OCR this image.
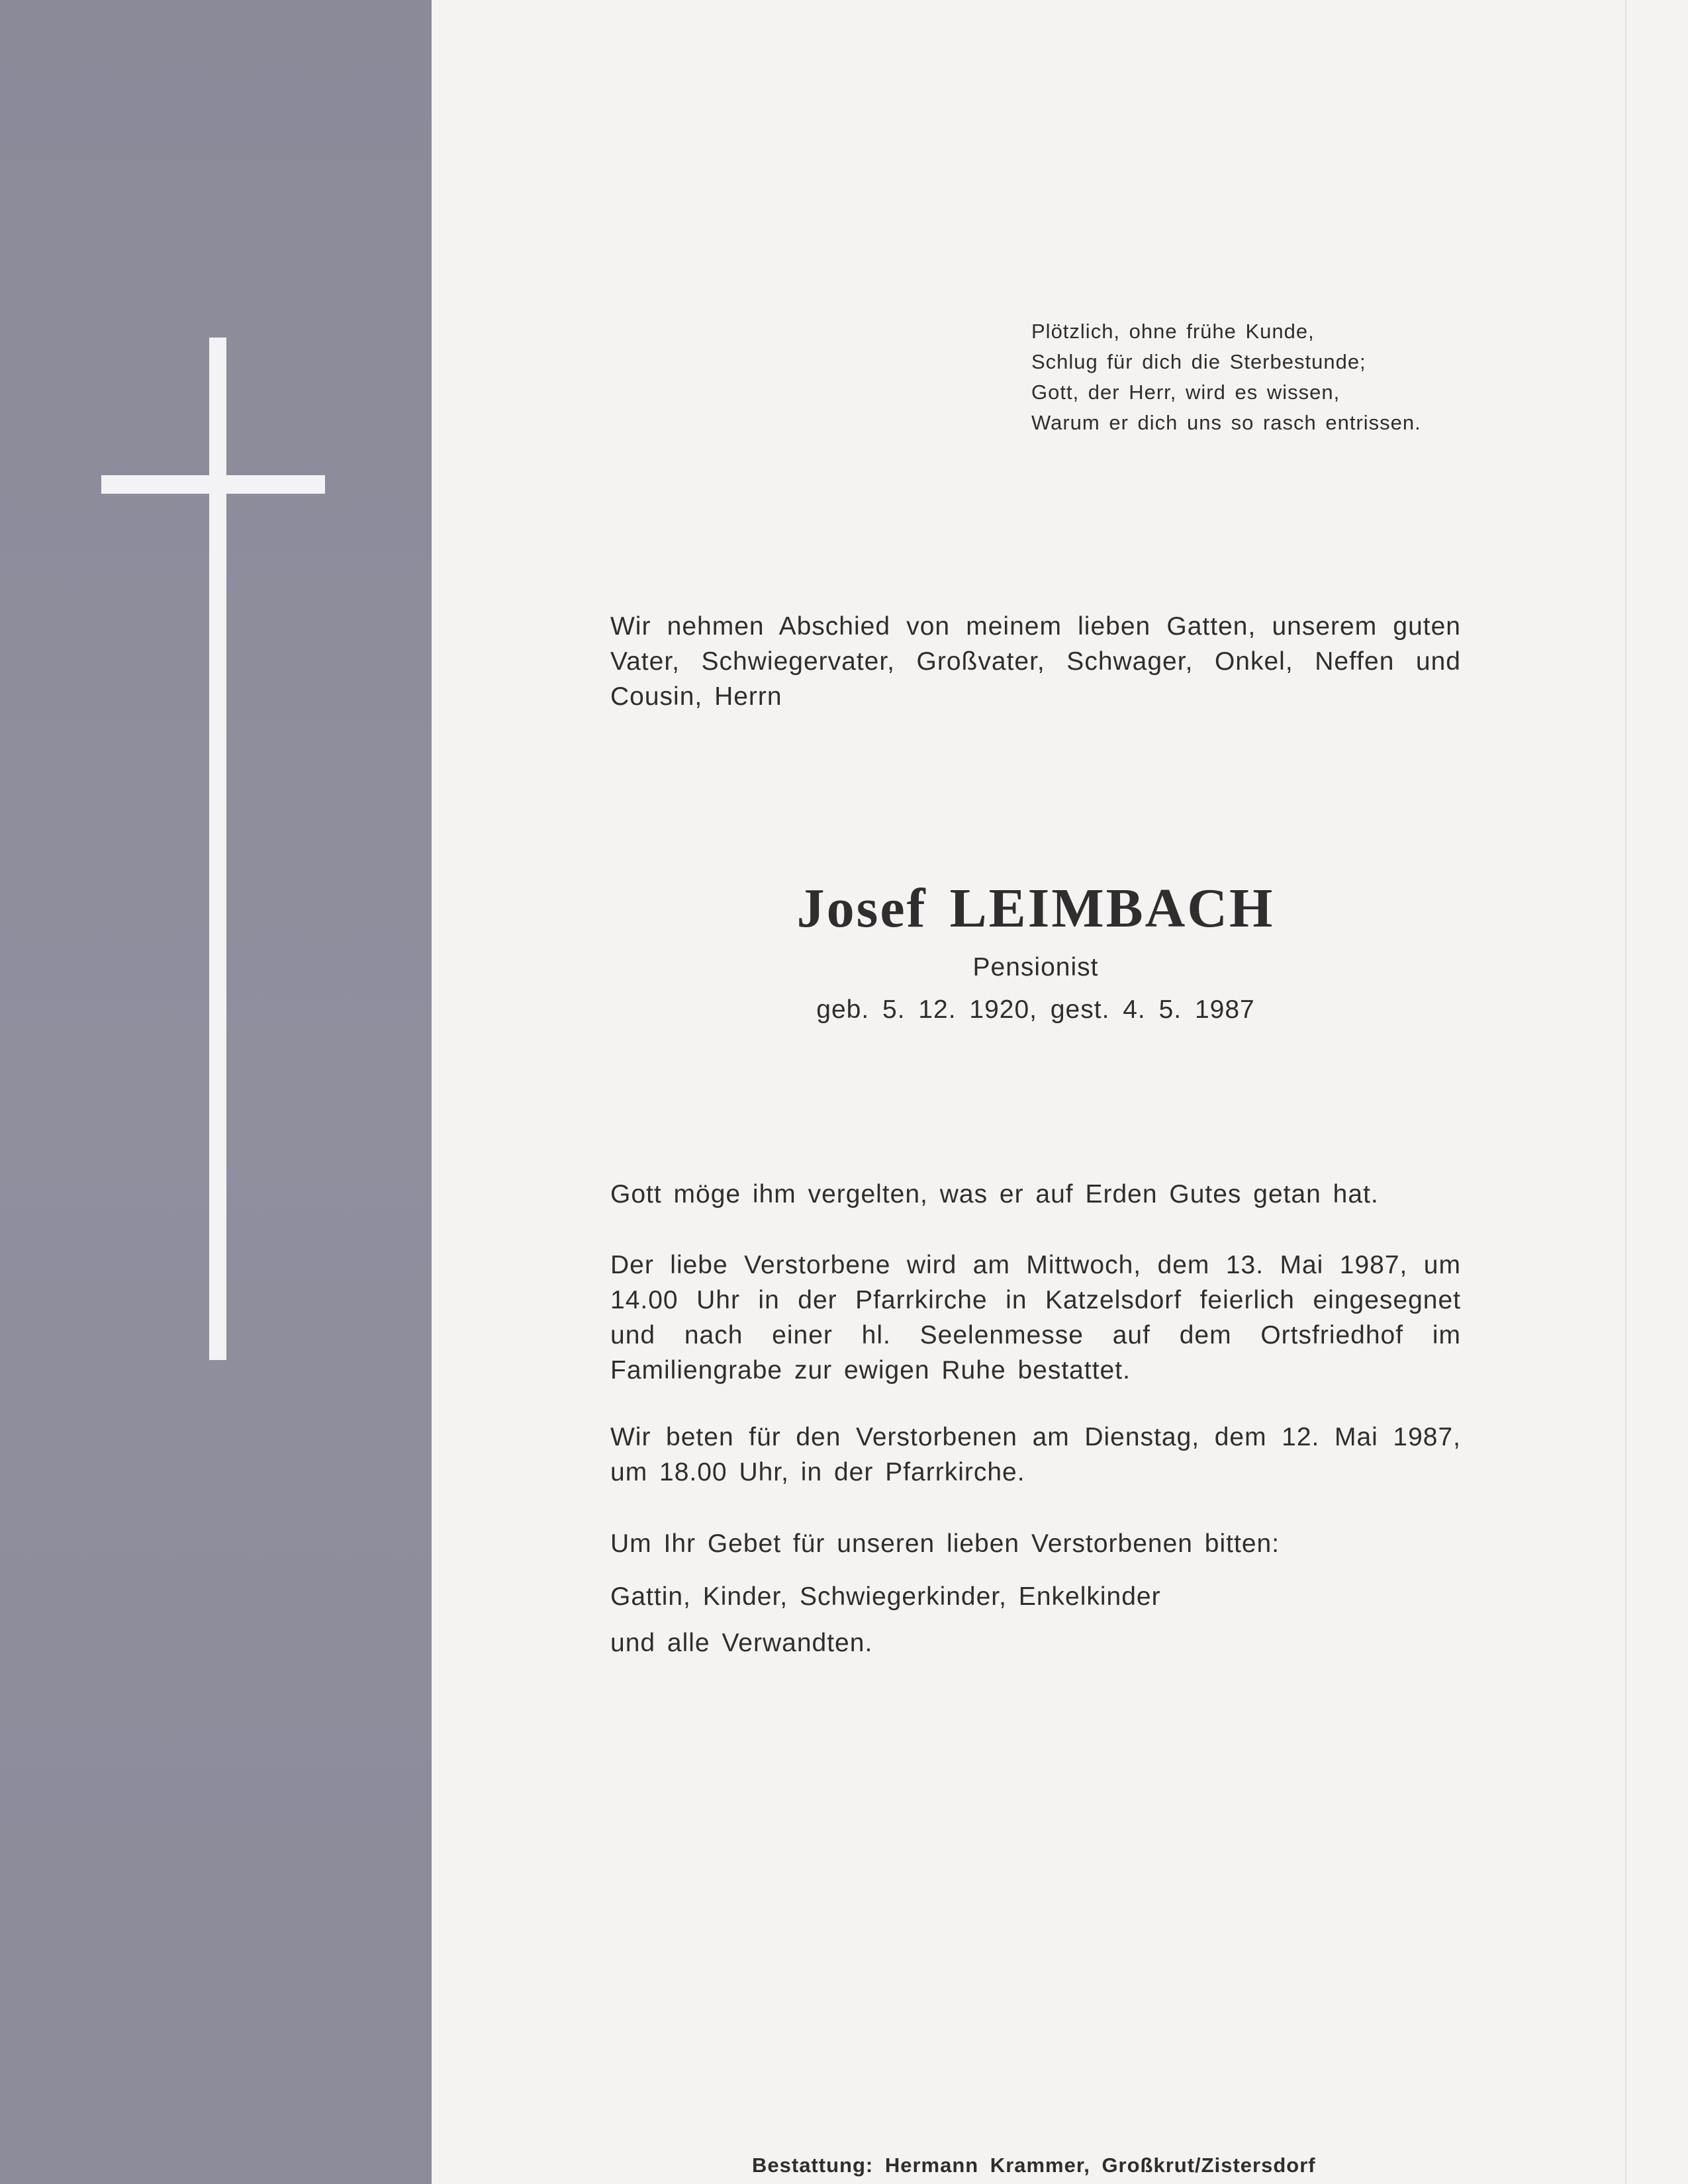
Plötzlich, ohne frühe Kunde,
Schlug für dich die Sterbestunde;
Gott, der Herr, wird es wissen,
Warum er dich uns so rasch entrissen.
Wir nehmen Abschied von meinem lieben Gatten, unserem guten Vater, Schwiegervater, Großvater, Schwager, Onkel, Neffen und Cousin, Herrn
Josef LEIMBACH
Pensionist
geb. 5. 12. 1920, gest. 4. 5. 1987
Gott möge ihm vergelten, was er auf Erden Gutes getan hat.
Der liebe Verstorbene wird am Mittwoch, dem 13. Mai 1987, um 14.00 Uhr in der Pfarrkirche in Katzelsdorf feierlich eingesegnet und nach einer hl. Seelenmesse auf dem Ortsfriedhof im Familiengrabe zur ewigen Ruhe bestattet.
Wir beten für den Verstorbenen am Dienstag, dem 12. Mai 1987, um 18.00 Uhr, in der Pfarrkirche.
Um Ihr Gebet für unseren lieben Verstorbenen bitten:
Gattin, Kinder, Schwiegerkinder, Enkelkinder
und alle Verwandten.
Bestattung: Hermann Krammer, Großkrut/Zistersdorf
